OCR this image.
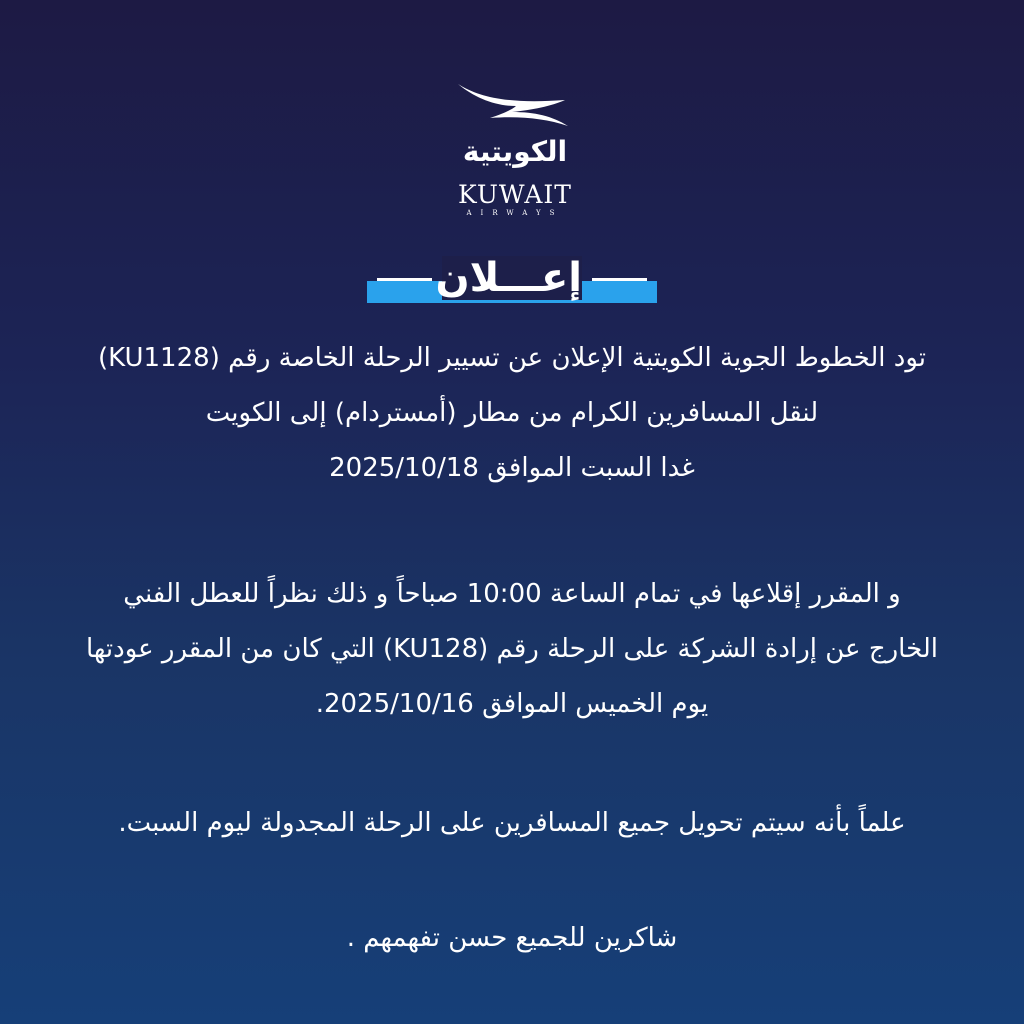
الكويتية
KUWAIT
AIRWAYS
إعـــلان

تود الخطوط الجوية الكويتية الإعلان عن تسيير الرحلة الخاصة رقم (KU1128)
لنقل المسافرين الكرام من مطار (أمستردام) إلى الكويت
غدا السبت الموافق 2025/10/18

و المقرر إقلاعها في تمام الساعة 10:00 صباحاً و ذلك نظراً للعطل الفني
الخارج عن إرادة الشركة على الرحلة رقم (KU128) التي كان من المقرر عودتها
يوم الخميس الموافق 2025/10/16.

علماً بأنه سيتم تحويل جميع المسافرين على الرحلة المجدولة ليوم السبت.

شاكرين للجميع حسن تفهمهم .
